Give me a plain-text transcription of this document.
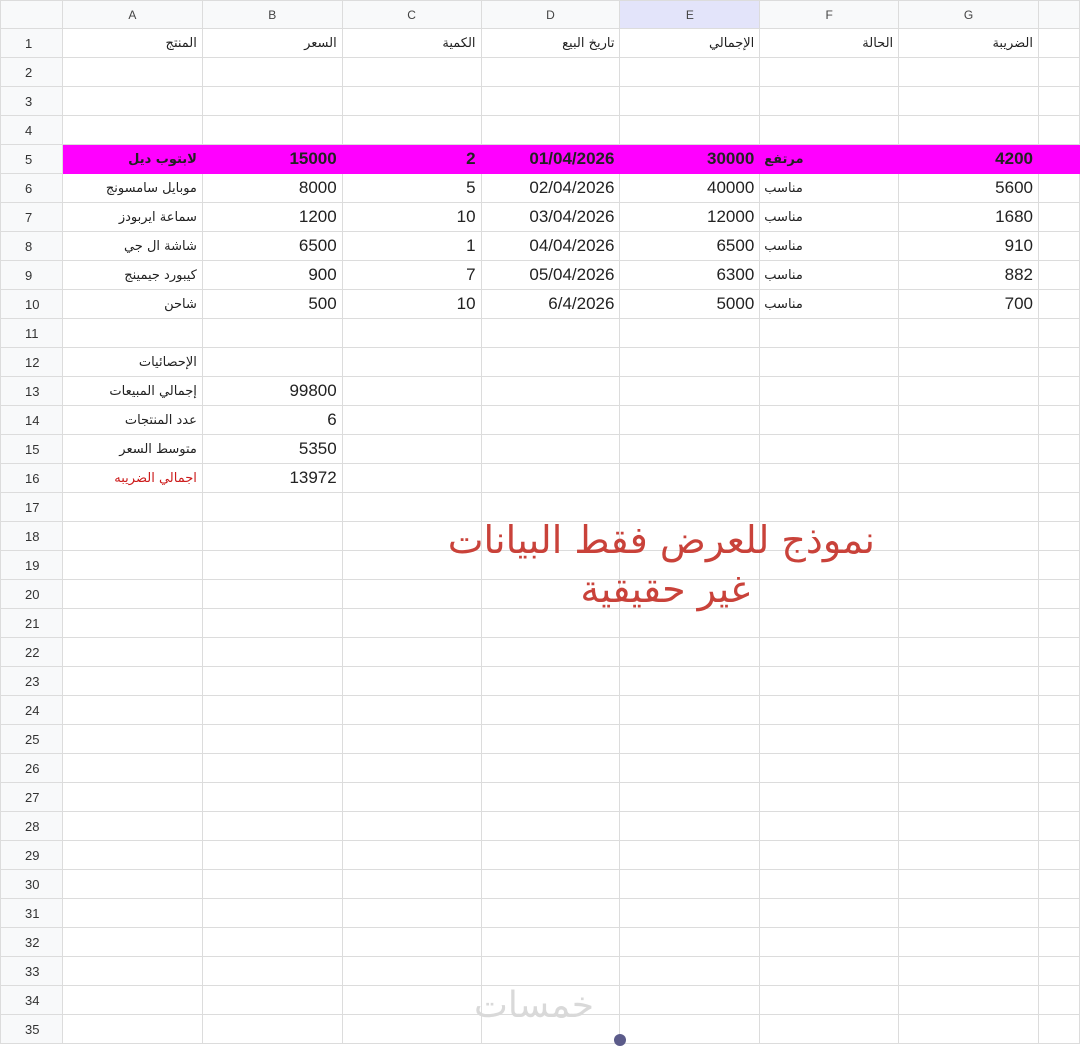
	A	B	C	D	E	F	G	
1	المنتج	السعر	الكمية	تاريخ البيع	الإجمالي	الحالة	الضريبة	
2								
3								
4								
5	لابتوب ديل	15000	2	01/04/2026	30000	مرتفع	4200	
6	موبايل سامسونج	8000	5	02/04/2026	40000	مناسب	5600	
7	سماعة ايربودز	1200	10	03/04/2026	12000	مناسب	1680	
8	شاشة ال جي	6500	1	04/04/2026	6500	مناسب	910	
9	كيبورد جيمينج	900	7	05/04/2026	6300	مناسب	882	
10	شاحن	500	10	6/4/2026	5000	مناسب	700	
11								
12	الإحصائيات							
13	إجمالي المبيعات	99800						
14	عدد المنتجات	6						
15	متوسط السعر	5350						
16	اجمالي الضريبه	13972						
17								
18								
19								
20								
21								
22								
23								
24								
25								
26								
27								
28								
29								
30								
31								
32								
33								
34								
35								
نموذج للعرض فقط البيانات
غير حقيقية
خمسات
